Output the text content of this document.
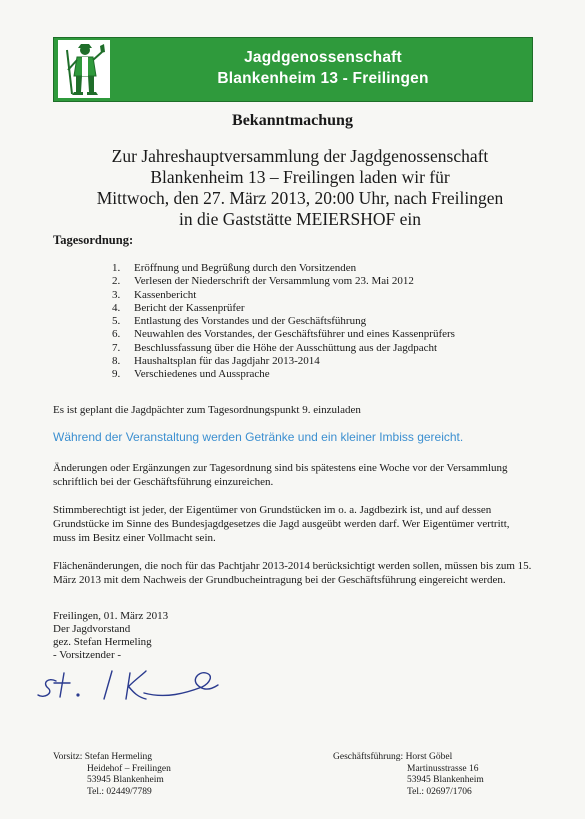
Jagdgenossenschaft
Blankenheim 13 - Freilingen
Bekanntmachung
Zur Jahreshauptversammlung der Jagdgenossenschaft
Blankenheim 13 – Freilingen laden wir für
Mittwoch, den 27. März 2013, 20:00 Uhr, nach Freilingen
in die Gaststätte MEIERSHOF ein
Tagesordnung:
1. Eröffnung und Begrüßung durch den Vorsitzenden
2. Verlesen der Niederschrift der Versammlung vom 23. Mai 2012
3. Kassenbericht
4. Bericht der Kassenprüfer
5. Entlastung des Vorstandes und der Geschäftsführung
6. Neuwahlen des Vorstandes, der Geschäftsführer und eines Kassenprüfers
7. Beschlussfassung über die Höhe der Ausschüttung aus der Jagdpacht
8. Haushaltsplan für das Jagdjahr 2013-2014
9. Verschiedenes und Aussprache
Es ist geplant die Jagdpächter zum Tagesordnungspunkt 9. einzuladen
Während der Veranstaltung werden Getränke und ein kleiner Imbiss gereicht.
Änderungen oder Ergänzungen zur Tagesordnung sind bis spätestens eine Woche vor der Versammlung schriftlich bei der Geschäftsführung einzureichen.
Stimmberechtigt ist jeder, der Eigentümer von Grundstücken im o. a. Jagdbezirk ist, und auf dessen Grundstücke im Sinne des Bundesjagdgesetzes die Jagd ausgeübt werden darf. Wer Eigentümer vertritt, muss im Besitz einer Vollmacht sein.
Flächenänderungen, die noch für das Pachtjahr 2013-2014 berücksichtigt werden sollen, müssen bis zum 15. März 2013 mit dem Nachweis der Grundbucheintragung bei der Geschäftsführung eingereicht werden.
Freilingen, 01. März 2013
Der Jagdvorstand
gez. Stefan Hermeling
- Vorsitzender -
Vorsitz: Stefan Hermeling
Heidehof – Freilingen
53945 Blankenheim
Tel.: 02449/7789
Geschäftsführung: Horst Göbel
Martinusstrasse 16
53945 Blankenheim
Tel.: 02697/1706
